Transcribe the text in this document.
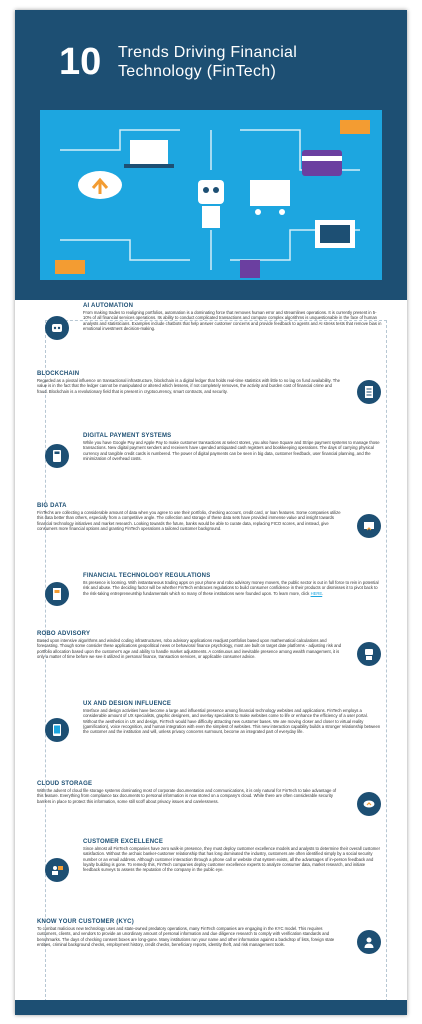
10 Trends Driving Financial
Technology (FinTech)
AI AUTOMATION

From making trades to realigning portfolios, automation is a dominating force that removes human error and streamlines operations. It is currently present in 5-10% of all financial services operations. Its ability to conduct complicated transactions and compute complex algorithms is unquestionable in the face of human analysts and statisticians. Examples include chatbots that help answer customer concerns and provide feedback to agents and AI stress tests that remove bias in emotional investment decision-making.

BLOCKCHAIN

Regarded as a pivotal influence on transactional infrastructure, blockchain is a digital ledger that holds real-time statistics with little to no lag on fund availability. The value is in the fact that the ledger cannot be manipulated or altered which lessens, if not completely removes, the activity and burden cost of financial crime and fraud. Blockchain is a revolutionary field that is present in cryptocurrency, smart contracts, and security.

DIGITAL PAYMENT SYSTEMS

While you have Google Pay and Apple Pay to make customer transactions at select stores, you also have Square and Stripe payment systems to manage those transactions. New digital payment senders and receivers have upended antiquated cash registers and bookkeeping operations. The days of carrying physical currency and tangible credit cards is numbered. The power of digital payments can be seen in big data, customer feedback, user financial planning, and the minimization of overhead costs.

BIG DATA

FinTechs are collecting a considerable amount of data when you agree to use their portfolio, checking account, credit card, or loan features. Some companies utilize this data better than others, especially from a competitive angle. The collection and storage of these data sets have provided immense value and insight towards financial technology initiatives and market research. Looking towards the future, banks would be able to curate data, replacing FICO scores, and instead, give consumers more financial options and granting FinTech operations a tailored customer background.

FINANCIAL TECHNOLOGY REGULATIONS

Its presence is looming. With instantaneous trading apps on your phone and robo advisory money movers, the public sector is out in full force to rein in potential risk and abuse. The deciding factor will be whether FinTech embraces regulations to build consumer confidence in their products or dismisses it to pivot back to the risk-taking entrepreneurship fundamentals which so many of these institutions were founded upon. To learn more, click HERE.

ROBO ADVISORY

Based upon intensive algorithms and winded coding infrastructures, robo advisory applications readjust portfolios based upon mathematical calculations and forecasting. Though some consider these applications geopolitical news or behavioral finance psychology, most are built on target date platforms - adjusting risk and portfolio allocation based upon the customer's age and ability to handle market adjustments. A continuous and inevitable presence among wealth management, it is only a matter of time before we see it utilized in personal finance, transaction services, or applicable consumer advice.

UX AND DESIGN INFLUENCE

Interface and design activities have become a large and influential presence among financial technology websites and applications. FinTech employs a considerable amount of UX specialists, graphic designers, and overlay specialists to make websites come to life or enhance the efficiency of a user portal. Without the aesthetics in UX and design, FinTech would have difficulty attracting new customer bases. We are moving closer and closer to virtual reality (gamification), voice recognition, and human integration with even the simplest of websites. This new interaction capability builds a stronger relationship between the customer and the institution and will, unless privacy concerns surmount, become an integrated part of everyday life.

CLOUD STORAGE

With the advent of cloud file storage systems dominating most of corporate documentation and communications, it is only natural for FinTech to take advantage of this feature. Everything from compliance tax documents to personal information is now stored on a company's cloud. While there are often considerable security barriers in place to protect this information, some still scoff about privacy issues and carelessness.

CUSTOMER EXCELLENCE

Since almost all FinTech companies have zero walk-in presence, they must deploy customer excellence models and analysts to determine their overall customer satisfaction. Without the archaic banker-customer relationship that has long dominated the industry, customers are often identified simply by a social security number or an email address. Although customer interaction through a phone call or website chat system exists, all the advantages of in-person feedback and loyalty building is gone. To remedy this, FinTech companies deploy customer excellence experts to analyze consumer data, market research, and initiate feedback surveys to assess the reputation of the company in the public eye.

KNOW YOUR CUSTOMER (KYC)

To combat malicious new technology uses and state-owned predatory operations, many FinTech companies are engaging in the KYC model. This requires customers, clients, and vendors to provide an unordinary amount of personal information and due diligence research to comply with verification standards and benchmarks. The days of checking consent boxes are long-gone. Many institutions run your name and other information against a backdrop of lists, foreign state entities, criminal background checks, employment history, credit checks, beneficiary reports, identity theft, and risk management tools.
